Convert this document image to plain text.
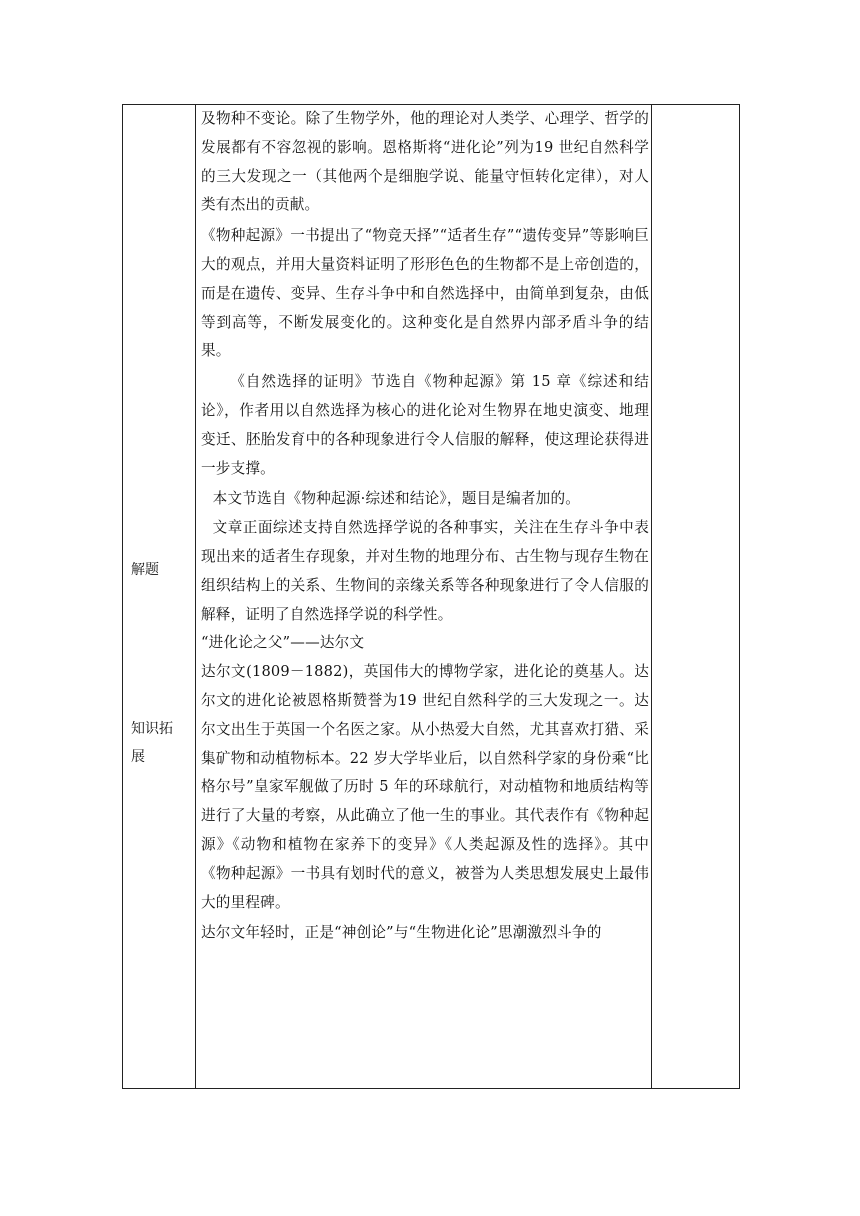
解题
知识拓展

及物种不变论。除了生物学外，他的理论对人类学、心理学、哲学的发展都有不容忽视的影响。恩格斯将“进化论”列为19 世纪自然科学的三大发现之一（其他两个是细胞学说、能量守恒转化定律），对人类有杰出的贡献。

《物种起源》一书提出了“物竞天择”“适者生存”“遗传变异”等影响巨大的观点，并用大量资料证明了形形色色的生物都不是上帝创造的，而是在遗传、变异、生存斗争中和自然选择中，由简单到复杂，由低等到高等，不断发展变化的。这种变化是自然界内部矛盾斗争的结果。

《自然选择的证明》节选自《物种起源》第 15 章《综述和结论》，作者用以自然选择为核心的进化论对生物界在地史演变、地理变迁、胚胎发育中的各种现象进行令人信服的解释，使这理论获得进一步支撑。

本文节选自《物种起源·综述和结论》，题目是编者加的。

文章正面综述支持自然选择学说的各种事实，关注在生存斗争中表现出来的适者生存现象，并对生物的地理分布、古生物与现存生物在组织结构上的关系、生物间的亲缘关系等各种现象进行了令人信服的解释，证明了自然选择学说的科学性。

“进化论之父”——达尔文

达尔文(1809－1882)，英国伟大的博物学家，进化论的奠基人。达尔文的进化论被恩格斯赞誉为19 世纪自然科学的三大发现之一。达尔文出生于英国一个名医之家。从小热爱大自然，尤其喜欢打猎、采集矿物和动植物标本。22 岁大学毕业后，以自然科学家的身份乘“比格尔号”皇家军舰做了历时 5 年的环球航行，对动植物和地质结构等进行了大量的考察，从此确立了他一生的事业。其代表作有《物种起源》《动物和植物在家养下的变异》《人类起源及性的选择》。其中《物种起源》一书具有划时代的意义，被誉为人类思想发展史上最伟大的里程碑。

达尔文年轻时，正是“神创论”与“生物进化论”思潮激烈斗争的
